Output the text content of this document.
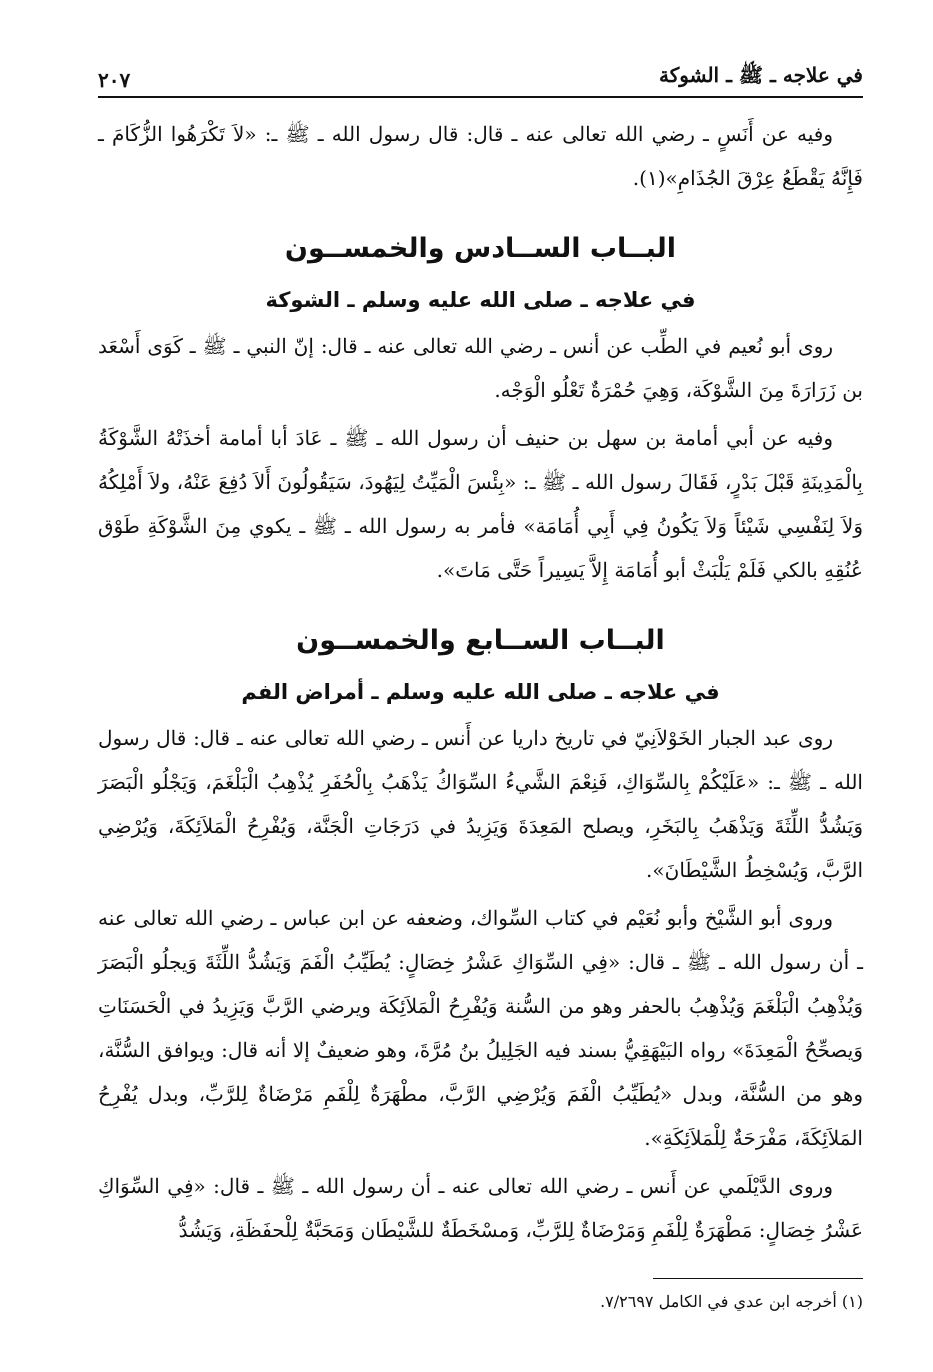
في علاجه ـ ﷺ ـ الشوكة
٢٠٧

وفيه عن أَنَسٍ ـ رضي الله تعالى عنه ـ قال: قال رسول الله ـ ﷺ ـ: «لاَ تَكْرَهُوا الزُّكَامَ ـ فَإِنَّهُ يَقْطَعُ عِرْقَ الجُذَامِ»(١).

البــاب الســادس والخمســون
في علاجه ـ صلى الله عليه وسلم ـ الشوكة

روى أبو نُعيم في الطِّب عن أنس ـ رضي الله تعالى عنه ـ قال: إنّ النبي ـ ﷺ ـ كَوَى أَسْعَد بن زَرَارَةَ مِنَ الشَّوْكَة، وَهِيَ حُمْرَةٌ تَعْلُو الْوَجْه.

وفيه عن أبي أمامة بن سهل بن حنيف أن رسول الله ـ ﷺ ـ عَادَ أبا أمامة أخذَتْهُ الشَّوْكَةُ بِالْمَدِينَةِ قَبْلَ بَدْرٍ، فَقَالَ رسول الله ـ ﷺ ـ: «بِئْسَ الْمَيِّتُ لِيَهُودَ، سَيَقُولُونَ أَلاَ دُفِعَ عَنْهُ، ولاَ أَمْلِكُهُ وَلاَ لِنَفْسِي شَيْئاً وَلاَ يَكُونُ فِي أَبِي أُمَامَة» فأمر به رسول الله ـ ﷺ ـ يكوي مِنَ الشَّوْكَةِ طَوْق عُنُقِهِ بالكي فَلَمْ يَلْبَثْ أبو أُمَامَة إِلاَّ يَسِيراً حَتَّى مَاتَ».

البــاب الســابع والخمســون
في علاجه ـ صلى الله عليه وسلم ـ أمراض الفم

روى عبد الجبار الخَوْلاَنِيّ في تاريخ داريا عن أَنس ـ رضي الله تعالى عنه ـ قال: قال رسول الله ـ ﷺ ـ: «عَلَيْكُمْ بِالسِّوَاكِ، فَنِعْمَ الشَّيءُ السِّوَاكُ يَذْهَبُ بِالْحُفَرِ يُذْهِبُ الْبَلْغَمَ، وَيَجْلُو الْبَصَرَ وَيَشُدُّ اللِّثَةَ وَيَذْهَبُ بِالبَخَرِ، ويصلح المَعِدَةَ وَيَزِيدُ في دَرَجَاتِ الْجَنَّة، وَيُفْرِحُ الْمَلاَئِكَةَ، وَيُرْضِي الرَّبَّ، وَيُسْخِطُ الشَّيْطَانَ».

وروى أبو الشَّيْخ وأبو نُعَيْم في كتاب السِّواك، وضعفه عن ابن عباس ـ رضي الله تعالى عنه ـ أن رسول الله ـ ﷺ ـ قال: «فِي السِّوَاكِ عَشْرُ خِصَالٍ: يُطَيِّبُ الْفَمَ وَيَشُدُّ اللِّثَةَ وَيجلُو الْبَصَرَ وَيُذْهِبُ الْبَلْغَمَ وَيُذْهِبُ بالحفر وهو من السُّنة وَيُفْرِحُ الْمَلاَئِكَة ويرضي الرَّبَّ وَيَزِيدُ في الْحَسَنَاتِ وَيصحِّحُ الْمَعِدَةَ» رواه البَيْهَقِيُّ بسند فيه الجَلِيلُ بنُ مُرَّةَ، وهو ضعيفٌ إلا أنه قال: ويوافق السُّنَّة، وهو من السُّنَّة، وبدل «يُطَيِّبُ الْفَمَ وَيُرْضِي الرَّبَّ، مطْهَرَةٌ لِلْفَمِ مَرْضَاةٌ لِلرَّبِّ، وبدل يُفْرِحُ المَلاَئِكَةَ، مَفْرَحَةٌ لِلْمَلاَئِكَةِ».

وروى الدَّيْلَمي عن أَنس ـ رضي الله تعالى عنه ـ أن رسول الله ـ ﷺ ـ قال: «فِي السِّوَاكِ عَشْرُ خِصَالٍ: مَطْهَرَةٌ لِلْفَمِ وَمَرْضَاةٌ لِلرَّبِّ، وَمسْخَطَةٌ للشَّيْطَان وَمَحَبَّةٌ لِلْحفَظَةِ، وَيَشُدُّ

(١) أخرجه ابن عدي في الكامل ٧/٢٦٩٧.
